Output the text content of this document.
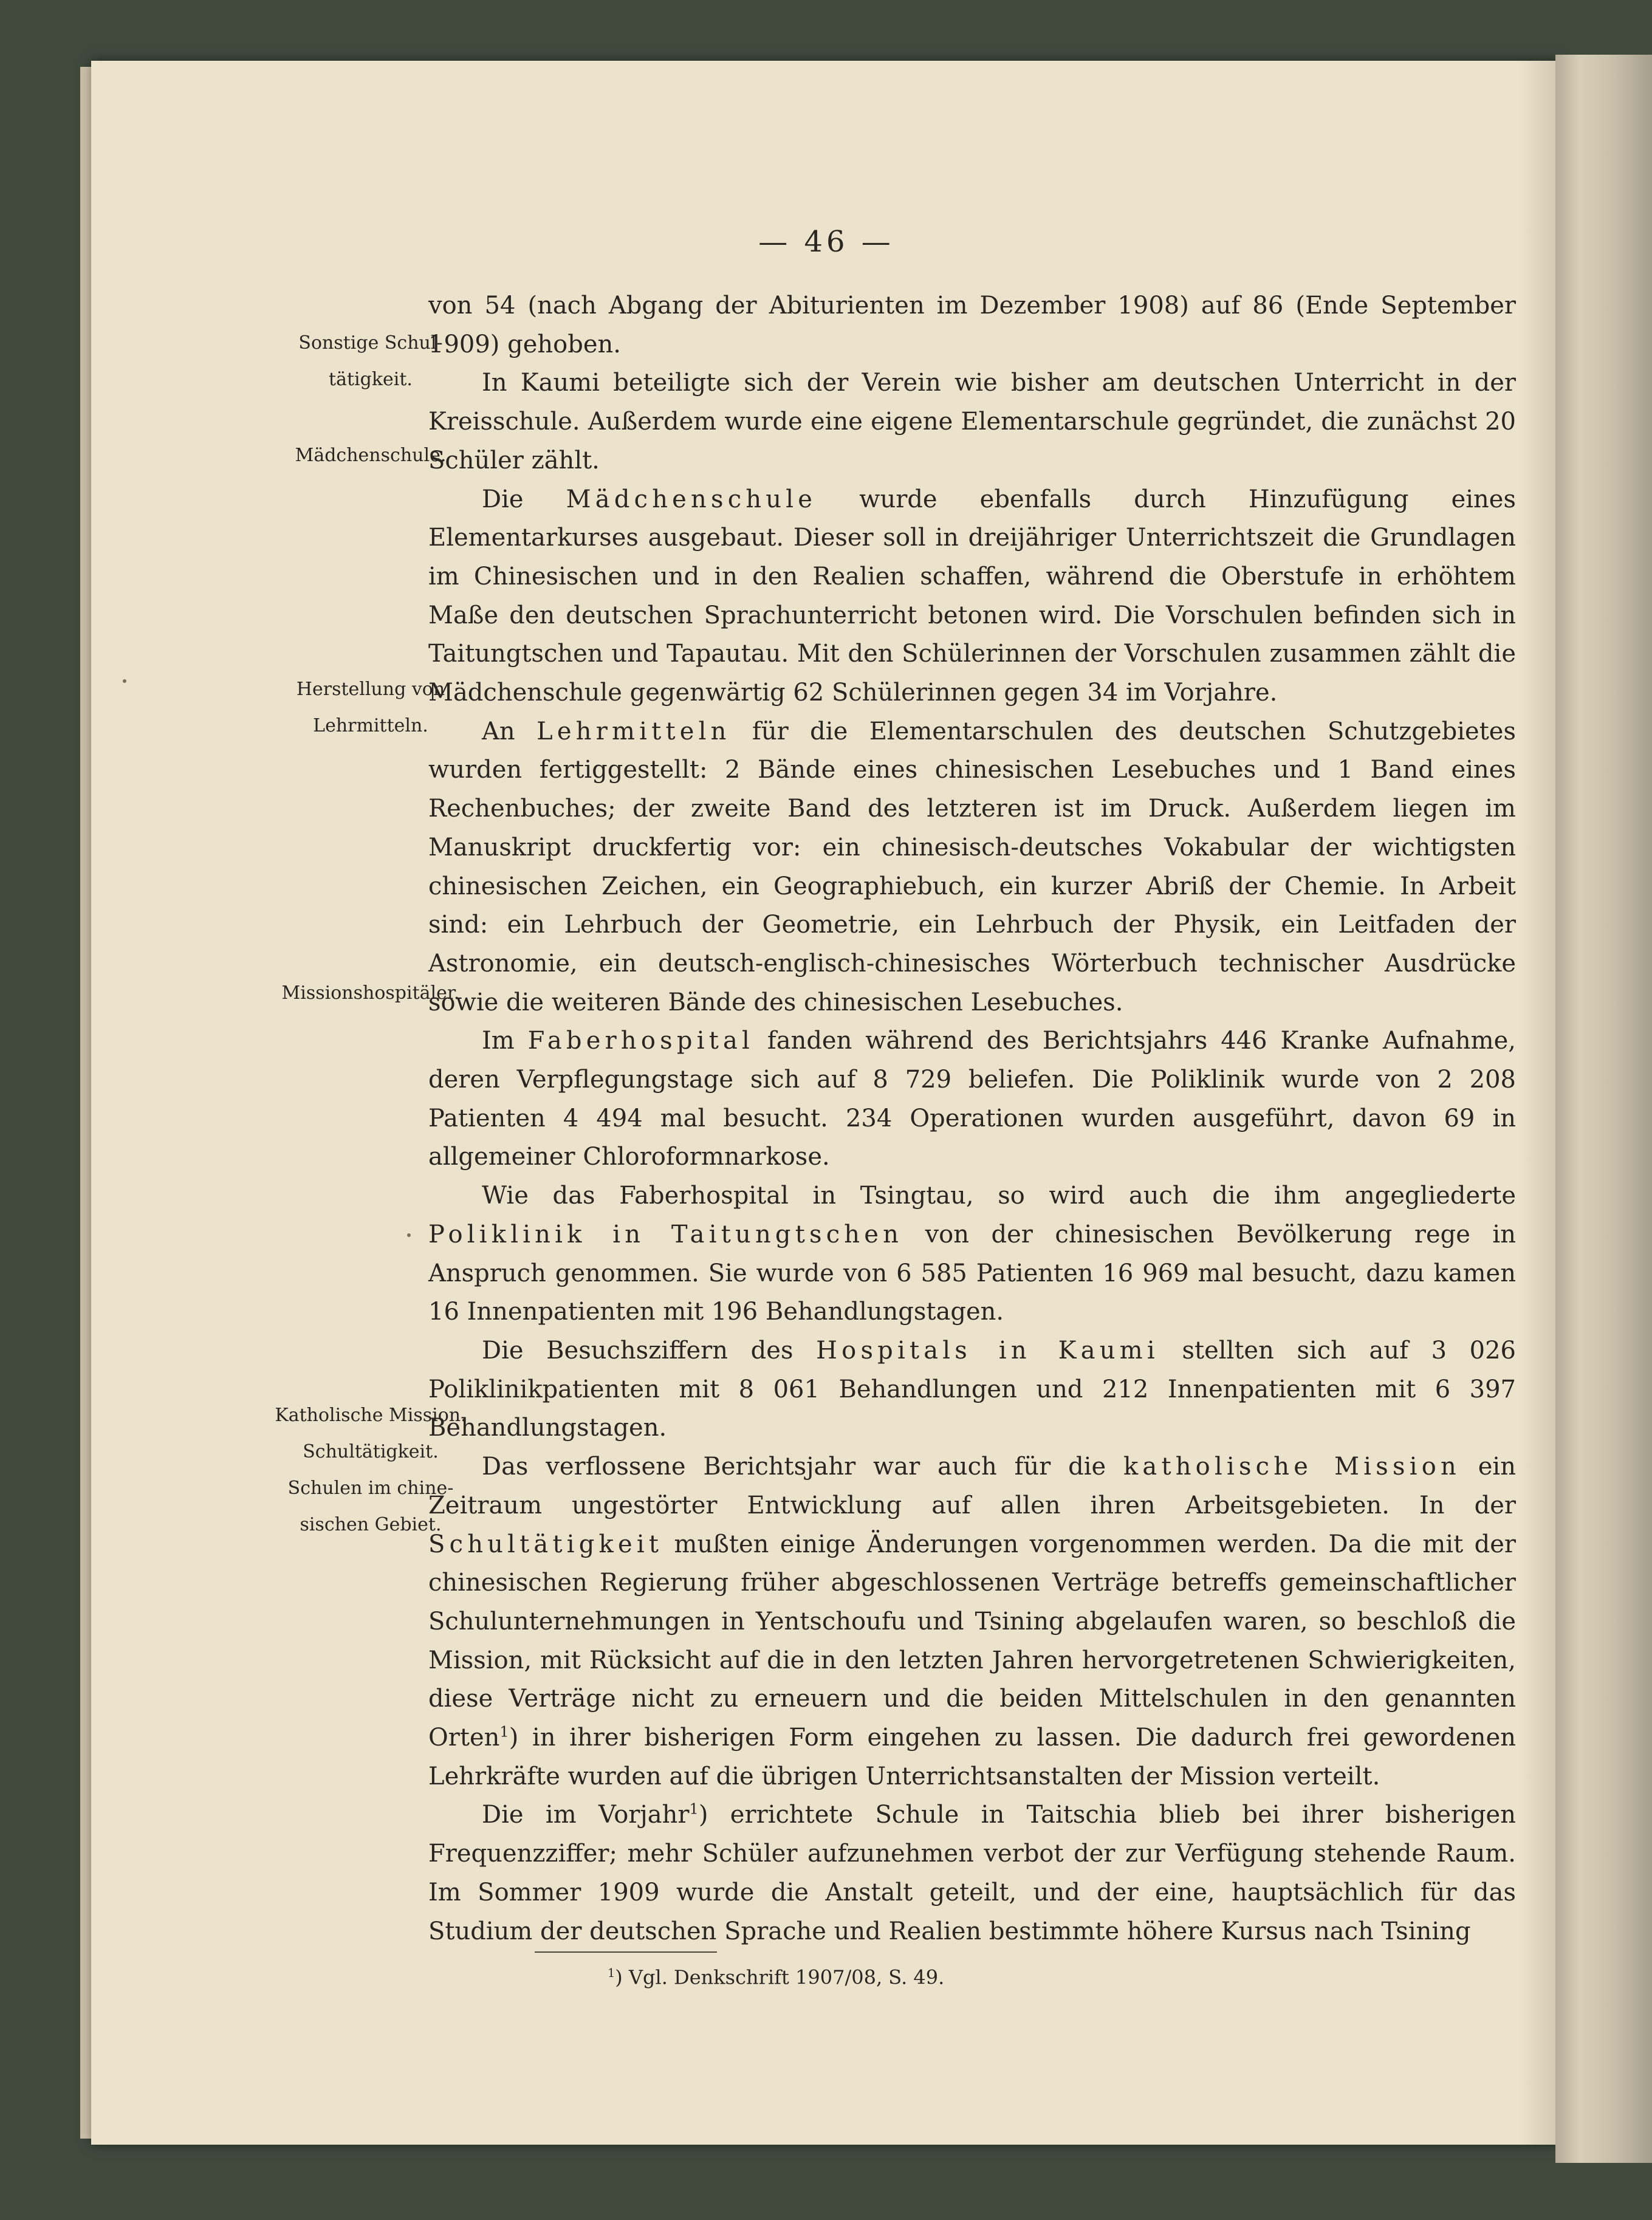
— 46 —

von 54 (nach Abgang der Abiturienten im Dezember 1908) auf 86 (Ende September 1909) gehoben.

In Kaumi beteiligte sich der Verein wie bisher am deutschen Unterricht in der Kreisschule. Außerdem wurde eine eigene Elementarschule gegründet, die zunächst 20 Schüler zählt.

Die Mädchenschule wurde ebenfalls durch Hinzufügung eines Elementarkurses ausgebaut. Dieser soll in dreijähriger Unterrichtszeit die Grundlagen im Chinesischen und in den Realien schaffen, während die Oberstufe in erhöhtem Maße den deutschen Sprachunterricht betonen wird. Die Vorschulen befinden sich in Taitungtschen und Tapautau. Mit den Schülerinnen der Vorschulen zusammen zählt die Mädchenschule gegenwärtig 62 Schülerinnen gegen 34 im Vorjahre.

An Lehrmitteln für die Elementarschulen des deutschen Schutzgebietes wurden fertiggestellt: 2 Bände eines chinesischen Lesebuches und 1 Band eines Rechenbuches; der zweite Band des letzteren ist im Druck. Außerdem liegen im Manuskript druckfertig vor: ein chinesisch-deutsches Vokabular der wichtigsten chinesischen Zeichen, ein Geographiebuch, ein kurzer Abriß der Chemie. In Arbeit sind: ein Lehrbuch der Geometrie, ein Lehrbuch der Physik, ein Leitfaden der Astronomie, ein deutsch-englisch-chinesisches Wörterbuch technischer Ausdrücke sowie die weiteren Bände des chinesischen Lesebuches.

Im Faberhospital fanden während des Berichtsjahrs 446 Kranke Aufnahme, deren Verpflegungstage sich auf 8 729 beliefen. Die Poliklinik wurde von 2 208 Patienten 4 494 mal besucht. 234 Operationen wurden ausgeführt, davon 69 in allgemeiner Chloroformnarkose.

Wie das Faberhospital in Tsingtau, so wird auch die ihm angegliederte Poliklinik in Taitungtschen von der chinesischen Bevölkerung rege in Anspruch genommen. Sie wurde von 6 585 Patienten 16 969 mal besucht, dazu kamen 16 Innenpatienten mit 196 Behandlungstagen.

Die Besuchsziffern des Hospitals in Kaumi stellten sich auf 3 026 Poliklinikpatienten mit 8 061 Behandlungen und 212 Innenpatienten mit 6 397 Behandlungstagen.

Das verflossene Berichtsjahr war auch für die katholische Mission ein Zeitraum ungestörter Entwicklung auf allen ihren Arbeitsgebieten. In der Schultätigkeit mußten einige Änderungen vorgenommen werden. Da die mit der chinesischen Regierung früher abgeschlossenen Verträge betreffs gemeinschaftlicher Schulunternehmungen in Yentschoufu und Tsining abgelaufen waren, so beschloß die Mission, mit Rücksicht auf die in den letzten Jahren hervorgetretenen Schwierigkeiten, diese Verträge nicht zu erneuern und die beiden Mittelschulen in den genannten Orten$^1$) in ihrer bisherigen Form eingehen zu lassen. Die dadurch frei gewordenen Lehrkräfte wurden auf die übrigen Unterrichtsanstalten der Mission verteilt.

Die im Vorjahr$^1$) errichtete Schule in Taitschia blieb bei ihrer bisherigen Frequenzziffer; mehr Schüler aufzunehmen verbot der zur Verfügung stehende Raum. Im Sommer 1909 wurde die Anstalt geteilt, und der eine, hauptsächlich für das Studium der deutschen Sprache und Realien bestimmte höhere Kursus nach Tsining

Sonstige Schul-
tätigkeit.
Mädchenschule.
Herstellung von
Lehrmitteln.
Missionshospitäler.
Katholische Mission.
Schultätigkeit.
Schulen im chine-
sischen Gebiet.
$^1$) Vgl. Denkschrift 1907/08, S. 49.
